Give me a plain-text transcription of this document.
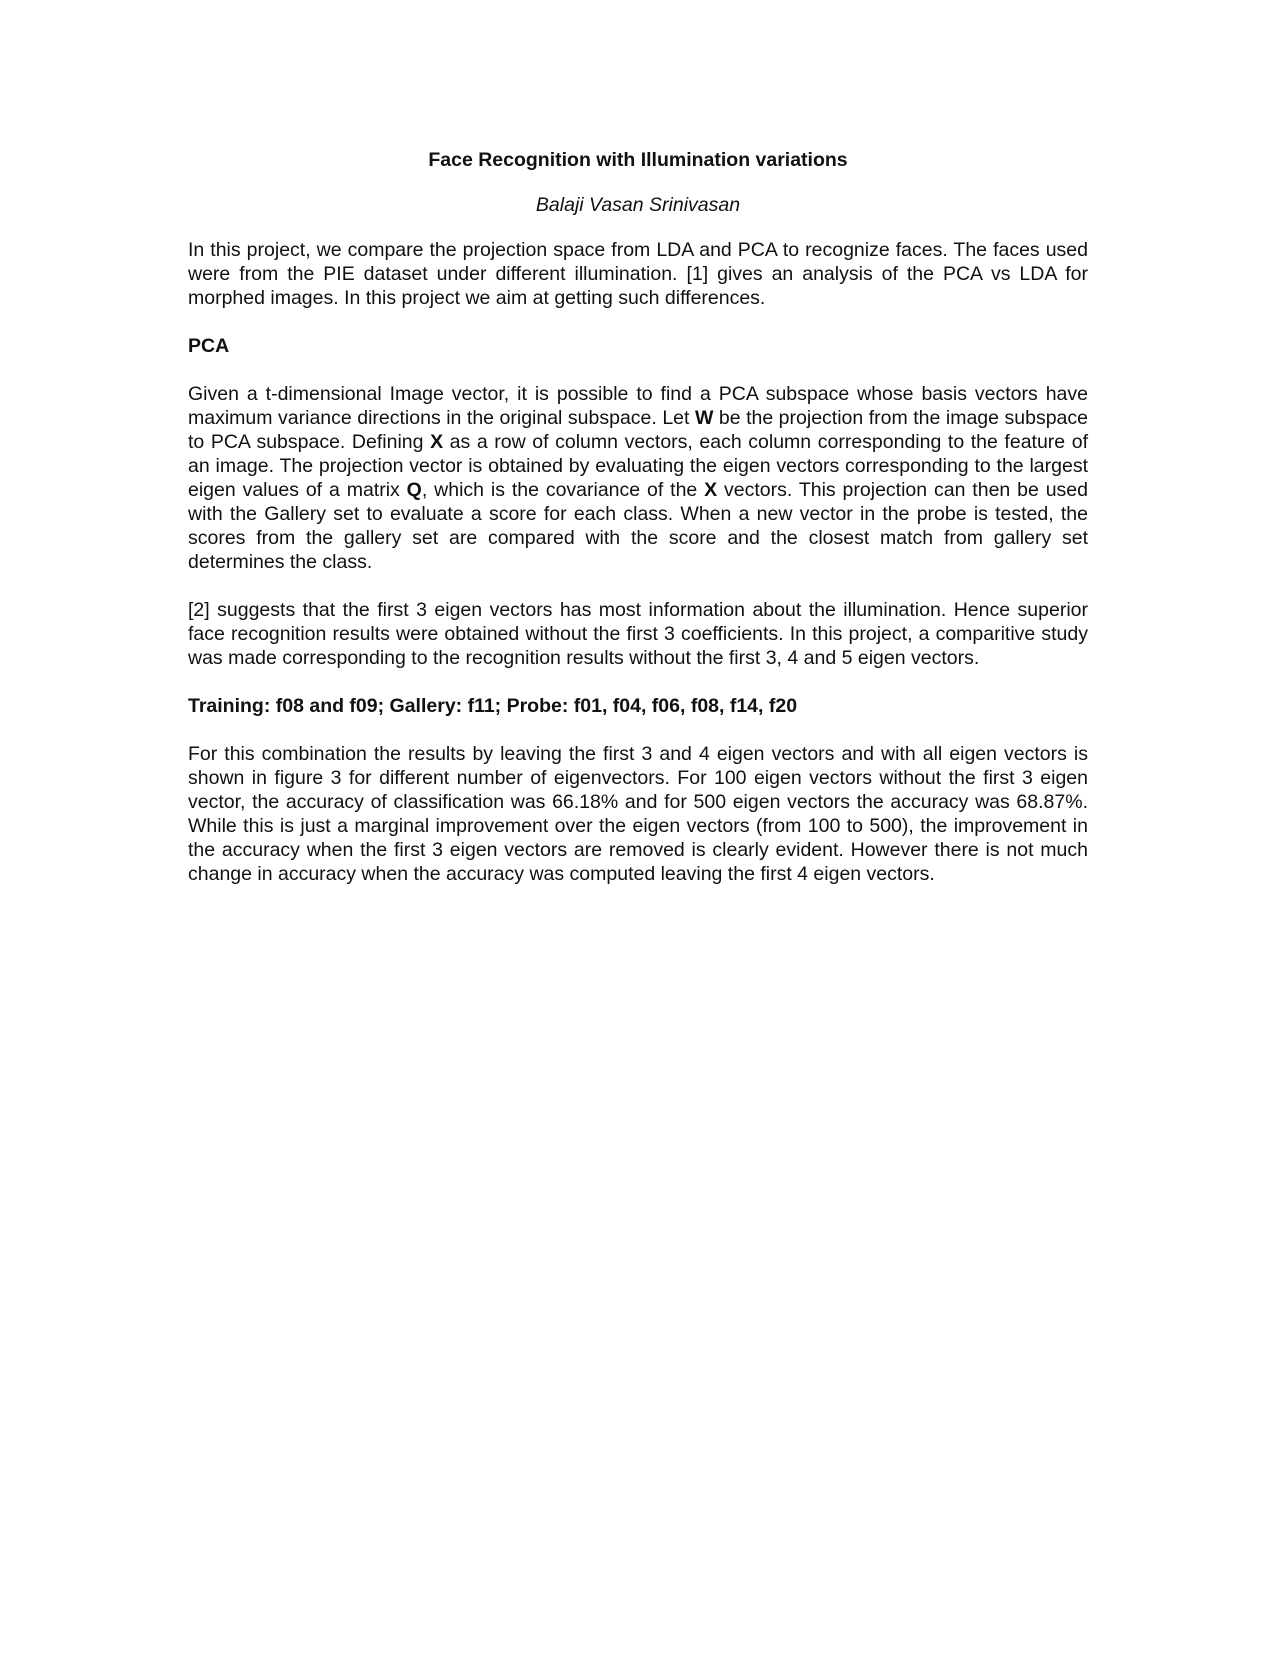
Face Recognition with Illumination variations
Balaji Vasan Srinivasan

In this project, we compare the projection space from LDA and PCA to recognize faces. The faces used were from the PIE dataset under different illumination. [1] gives an analysis of the PCA vs LDA for morphed images. In this project we aim at getting such differences.

PCA

Given a t-dimensional Image vector, it is possible to find a PCA subspace whose basis vectors have maximum variance directions in the original subspace. Let W be the projection from the image subspace to PCA subspace. Defining X as a row of column vectors, each column corresponding to the feature of an image. The projection vector is obtained by evaluating the eigen vectors corresponding to the largest eigen values of a matrix Q, which is the covariance of the X vectors. This projection can then be used with the Gallery set to evaluate a score for each class. When a new vector in the probe is tested, the scores from the gallery set are compared with the score and the closest match from gallery set determines the class.

[2] suggests that the first 3 eigen vectors has most information about the illumination. Hence superior face recognition results were obtained without the first 3 coefficients. In this project, a comparitive study was made corresponding to the recognition results without the first 3, 4 and 5 eigen vectors.

Training: f08 and f09; Gallery: f11; Probe: f01, f04, f06, f08, f14, f20

For this combination the results by leaving the first 3 and 4 eigen vectors and with all eigen vectors is shown in figure 3 for different number of eigenvectors. For 100 eigen vectors without the first 3 eigen vector, the accuracy of classification was 66.18% and for 500 eigen vectors the accuracy was 68.87%. While this is just a marginal improvement over the eigen vectors (from 100 to 500), the improvement in the accuracy when the first 3 eigen vectors are removed is clearly evident. However there is not much change in accuracy when the accuracy was computed leaving the first 4 eigen vectors.
